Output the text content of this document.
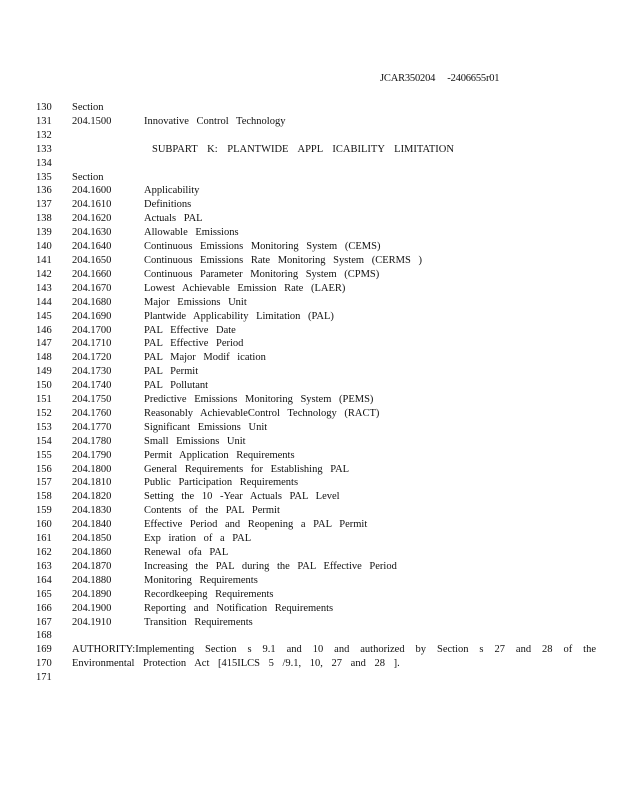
JCAR350204     -2406655r01
130	Section
131	204.1500	Innovative Control Technology
132
133	SUBPART K: PLANTWIDE APPL ICABILITY LIMITATION
134
135	Section
136	204.1600	Applicability
137	204.1610	Definitions
138	204.1620	Actuals PAL
139	204.1630	Allowable Emissions
140	204.1640	Continuous Emissions Monitoring System (CEMS)
141	204.1650	Continuous Emissions Rate Monitoring System (CERMS )
142	204.1660	Continuous Parameter Monitoring System (CPMS)
143	204.1670	Lowest Achievable Emission Rate (LAER)
144	204.1680	Major Emissions Unit
145	204.1690	Plantwide Applicability Limitation (PAL)
146	204.1700	PAL Effective Date
147	204.1710	PAL Effective Period
148	204.1720	PAL Major Modif ication
149	204.1730	PAL Permit
150	204.1740	PAL Pollutant
151	204.1750	Predictive Emissions Monitoring System (PEMS)
152	204.1760	Reasonably AchievableControl Technology (RACT)
153	204.1770	Significant Emissions Unit
154	204.1780	Small Emissions Unit
155	204.1790	Permit Application Requirements
156	204.1800	General Requirements for Establishing PAL
157	204.1810	Public Participation Requirements
158	204.1820	Setting the 10 -Year Actuals PAL Level
159	204.1830	Contents of the PAL Permit
160	204.1840	Effective Period and Reopening a PAL Permit
161	204.1850	Exp iration of a PAL
162	204.1860	Renewal ofa PAL
163	204.1870	Increasing the PAL during the PAL Effective Period
164	204.1880	Monitoring Requirements
165	204.1890	Recordkeeping Requirements
166	204.1900	Reporting and Notification Requirements
167	204.1910	Transition Requirements
168
169	AUTHORITY:Implementing Section s 9.1 and 10 and authorized by Section s 27 and 28 of the
170	Environmental Protection Act [415ILCS 5 /9.1, 10, 27 and 28 ].
171
